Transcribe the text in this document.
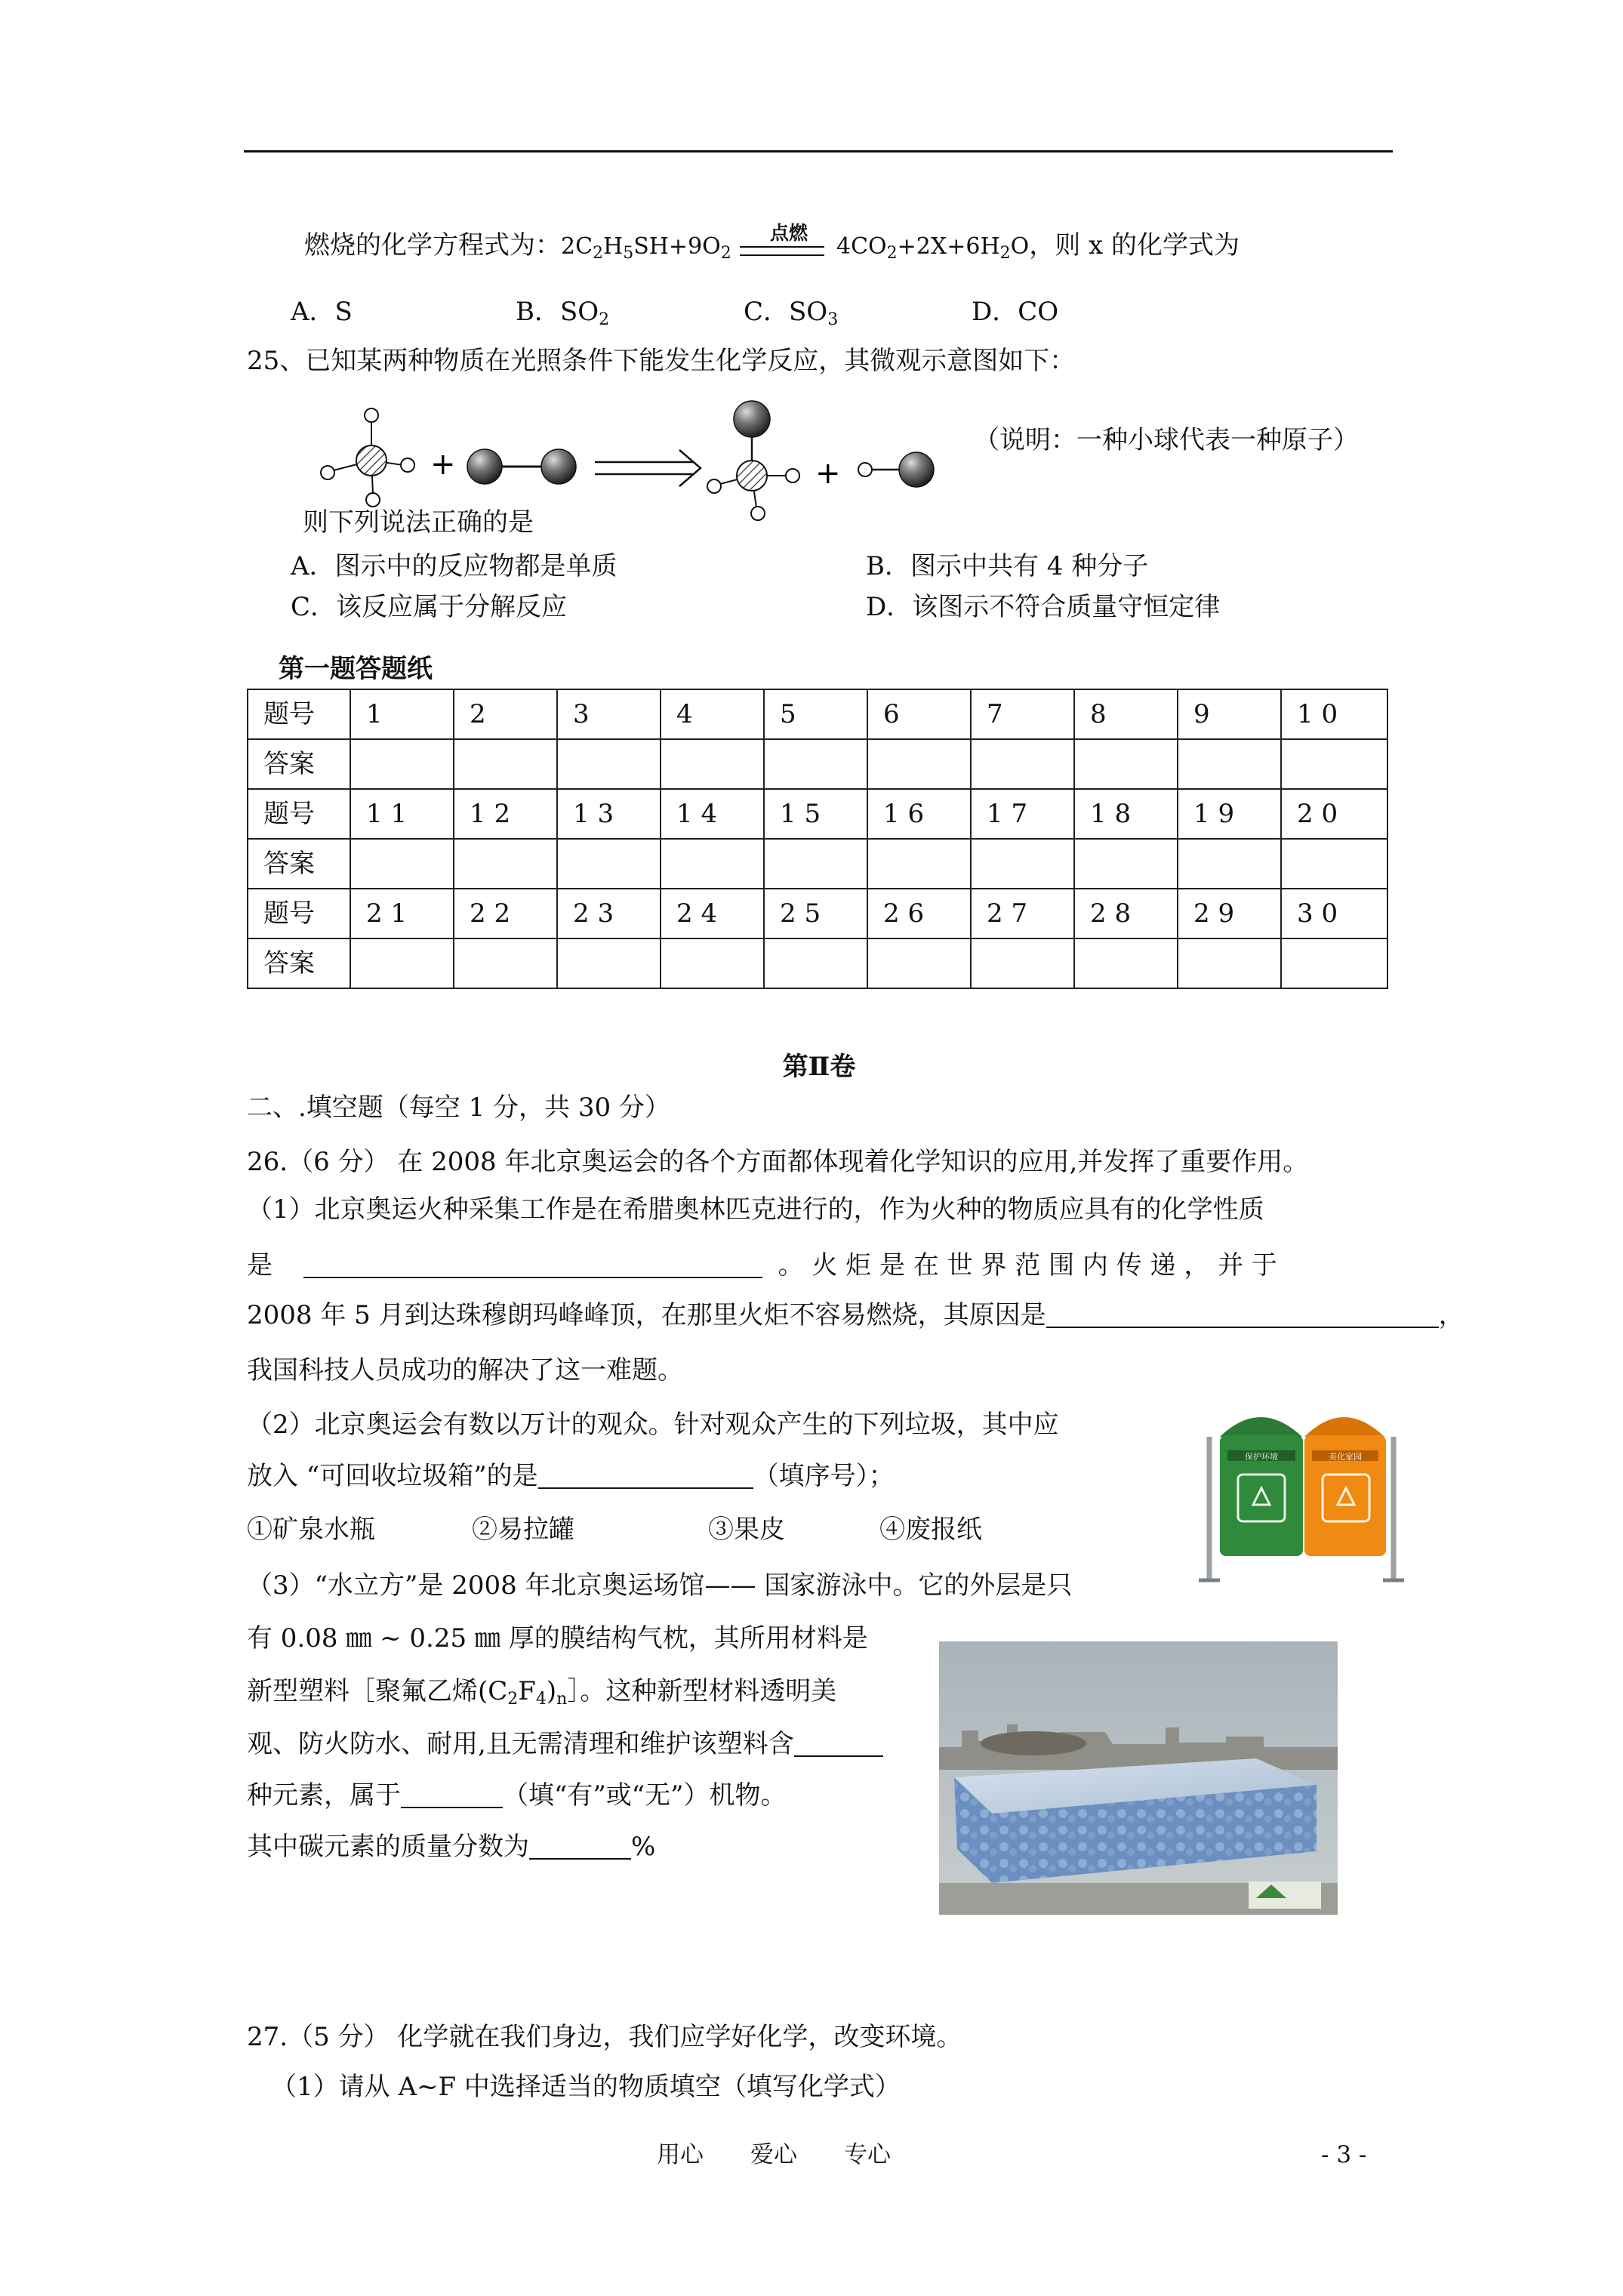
燃烧的化学方程式为：$2C_2H_5SH+9O_2$
点燃
$4CO_2+2X+6H_2O$，则 x 的化学式为
A．S	B．$SO_2$	C．$SO_3$	D．CO
25、已知某两种物质在光照条件下能发生化学反应，其微观示意图如下：
+	+
（说明：一种小球代表一种原子）
则下列说法正确的是
A．图示中的反应物都是单质	B．图示中共有 4 种分子
C．该反应属于分解反应	D．该图示不符合质量守恒定律
第一题答题纸
题号	1	2	3	4	5	6	7	8	9	1 0
答案										
题号	1 1	1 2	1 3	1 4	1 5	1 6	1 7	1 8	1 9	2 0
答案										
题号	2 1	2 2	2 3	2 4	2 5	2 6	2 7	2 8	2 9	3 0
答案										
第Ⅱ卷
二、.填空题（每空 1 分，共 30 分）
26.（6 分） 在 2008 年北京奥运会的各个方面都体现着化学知识的应用,并发挥了重要作用。
（1）北京奥运火种采集工作是在希腊奥林匹克进行的，作为火种的物质应具有的化学性质
是	。 火 炬 是 在 世 界 范 围 内 传 递 ， 并 于
2008 年 5 月到达珠穆朗玛峰峰顶，在那里火炬不容易燃烧，其原因是	，
我国科技人员成功的解决了这一难题。
（2）北京奥运会有数以万计的观众。针对观众产生的下列垃圾，其中应
放入 “可回收垃圾箱”的是	（填序号）；
①矿泉水瓶	②易拉罐	③果皮	④废报纸
保护环境	美化家园
（3）“水立方”是 2008 年北京奥运场馆—— 国家游泳中。它的外层是只
有 0.08 ㎜ ~ 0.25 ㎜ 厚的膜结构气枕，其所用材料是
新型塑料［聚氟乙烯$(C_2F_4)_n]$。这种新型材料透明美
观、防火防水、耐用,且无需清理和维护该塑料含
种元素，属于	（填“有”或“无”）机物。
其中碳元素的质量分数为	%
27.（5 分） 化学就在我们身边，我们应学好化学，改变环境。
（1）请从 A~F 中选择适当的物质填空（填写化学式）
用心　　爱心　　专心	- 3 -
